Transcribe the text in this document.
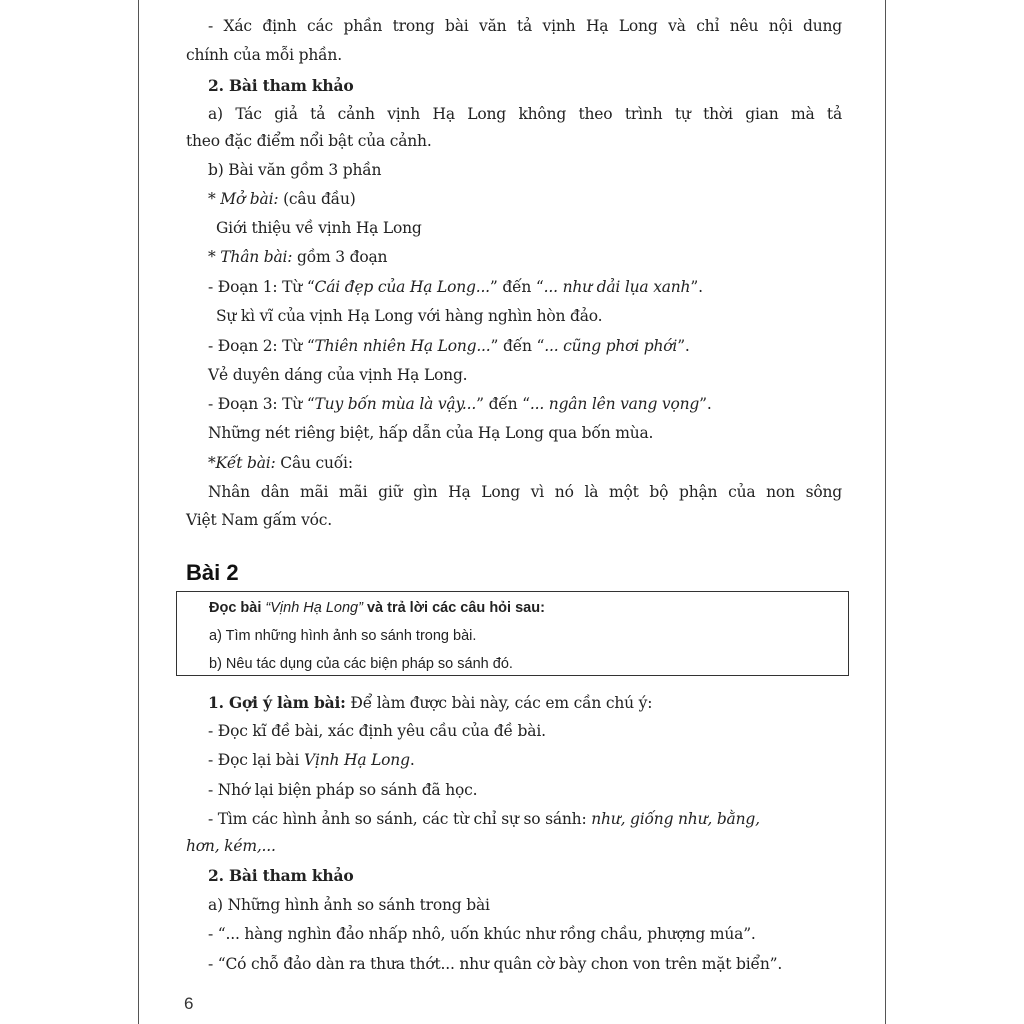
- Xác định các phần trong bài văn tả vịnh Hạ Long và chỉ nêu nội dung
chính của mỗi phần.
2. Bài tham khảo
a) Tác giả tả cảnh vịnh Hạ Long không theo trình tự thời gian mà tả
theo đặc điểm nổi bật của cảnh.
b) Bài văn gồm 3 phần
* Mở bài: (câu đầu)
Giới thiệu về vịnh Hạ Long
* Thân bài: gồm 3 đoạn
- Đoạn 1: Từ “Cái đẹp của Hạ Long...” đến “... như dải lụa xanh”.
Sự kì vĩ của vịnh Hạ Long với hàng nghìn hòn đảo.
- Đoạn 2: Từ “Thiên nhiên Hạ Long...” đến “... cũng phơi phới”.
Vẻ duyên dáng của vịnh Hạ Long.
- Đoạn 3: Từ “Tuy bốn mùa là vậy...” đến “... ngân lên vang vọng”.
Những nét riêng biệt, hấp dẫn của Hạ Long qua bốn mùa.
*Kết bài: Câu cuối:
Nhân dân mãi mãi giữ gìn Hạ Long vì nó là một bộ phận của non sông
Việt Nam gấm vóc.
1. Gợi ý làm bài: Để làm được bài này, các em cần chú ý:
- Đọc kĩ đề bài, xác định yêu cầu của đề bài.
- Đọc lại bài Vịnh Hạ Long.
- Nhớ lại biện pháp so sánh đã học.
- Tìm các hình ảnh so sánh, các từ chỉ sự so sánh: như, giống như, bằng,
hơn, kém,...
2. Bài tham khảo
a) Những hình ảnh so sánh trong bài
- “... hàng nghìn đảo nhấp nhô, uốn khúc như rồng chầu, phượng múa”.
- “Có chỗ đảo dàn ra thưa thớt... như quân cờ bày chon von trên mặt biển”.
Bài 2
Đọc bài “Vịnh Hạ Long” và trả lời các câu hỏi sau:
a) Tìm những hình ảnh so sánh trong bài.
b) Nêu tác dụng của các biện pháp so sánh đó.
6
